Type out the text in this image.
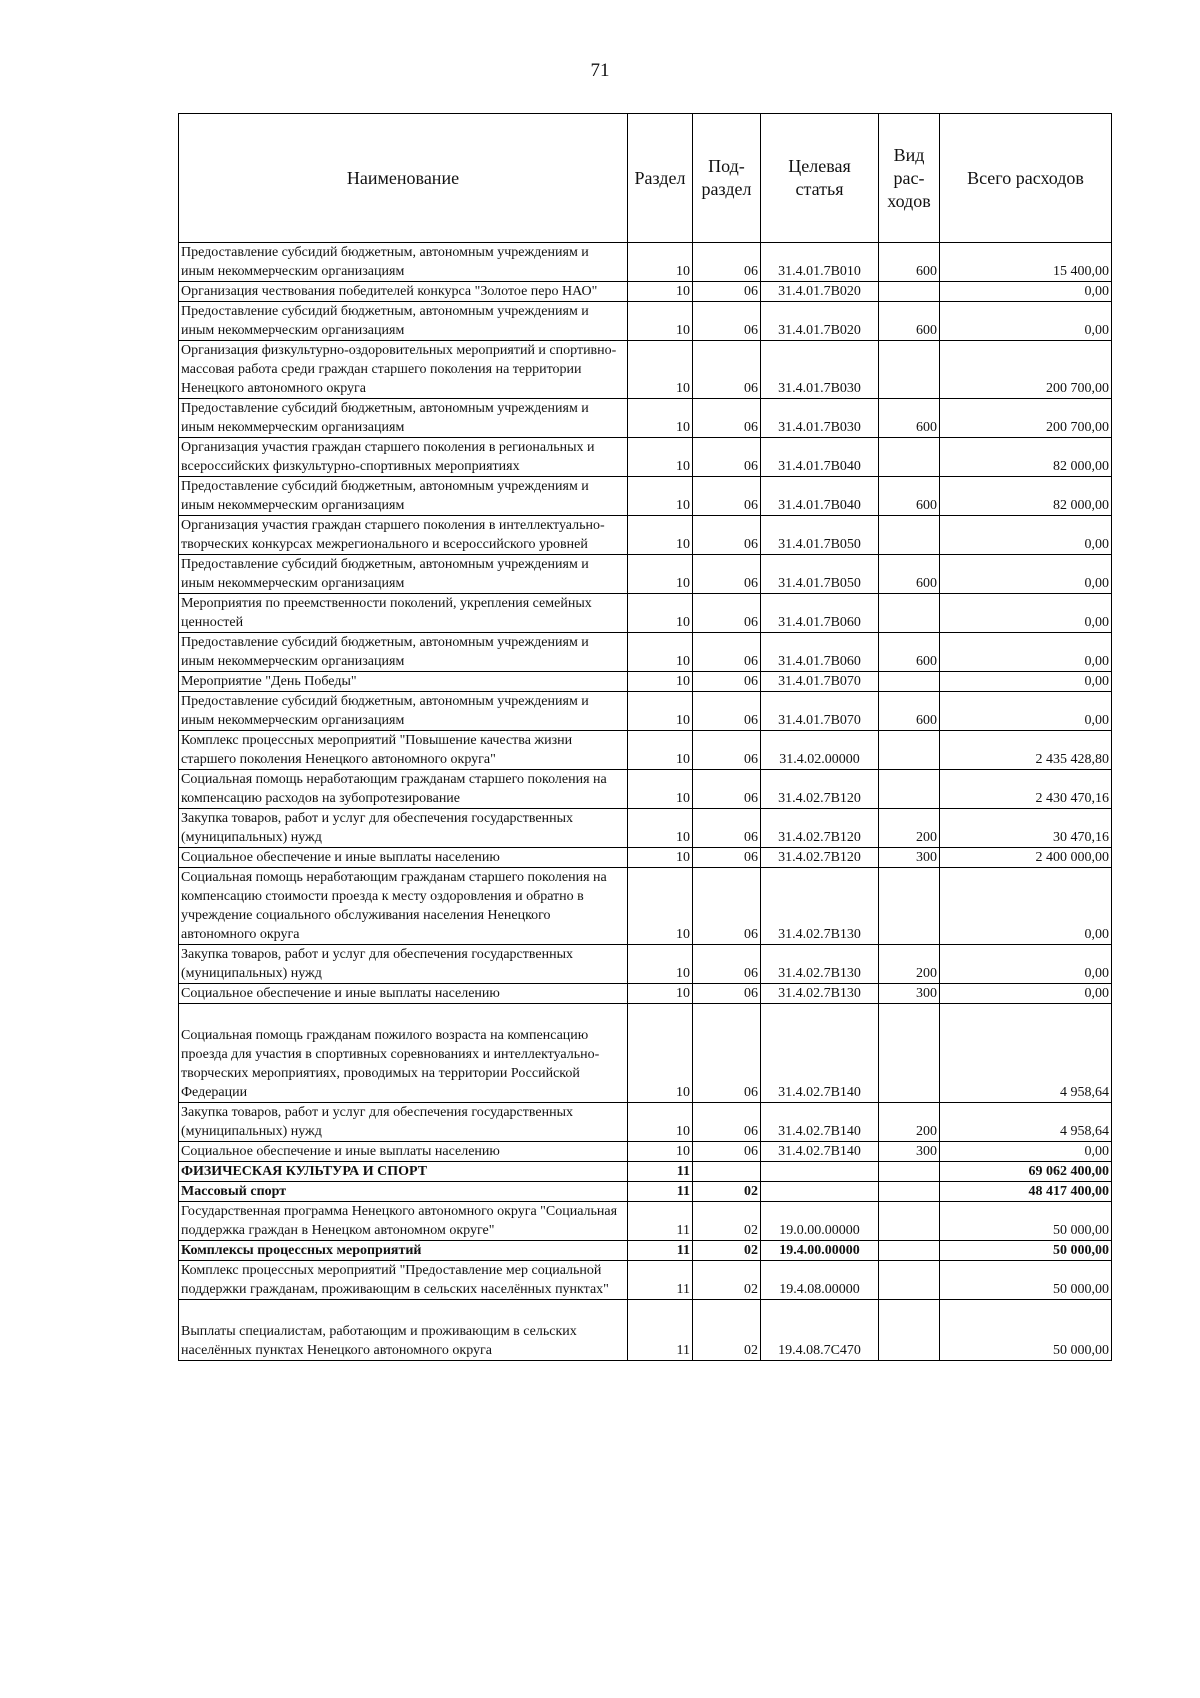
71
Наименование	Раздел	Под-раздел	Целевая статья	Вид рас-ходов	Всего расходов
Предоставление субсидий бюджетным, автономным учреждениям и иным некоммерческим организациям	10	06	31.4.01.7В010	600	15 400,00
Организация чествования победителей конкурса "Золотое перо НАО"	10	06	31.4.01.7В020		0,00
Предоставление субсидий бюджетным, автономным учреждениям и иным некоммерческим организациям	10	06	31.4.01.7В020	600	0,00
Организация физкультурно-оздоровительных мероприятий и спортивно-массовая работа среди граждан старшего поколения на территории Ненецкого автономного округа	10	06	31.4.01.7В030		200 700,00
Предоставление субсидий бюджетным, автономным учреждениям и иным некоммерческим организациям	10	06	31.4.01.7В030	600	200 700,00
Организация участия граждан старшего поколения в региональных и всероссийских физкультурно-спортивных мероприятиях	10	06	31.4.01.7В040		82 000,00
Предоставление субсидий бюджетным, автономным учреждениям и иным некоммерческим организациям	10	06	31.4.01.7В040	600	82 000,00
Организация участия граждан старшего поколения в интеллектуально-творческих конкурсах межрегионального и всероссийского уровней	10	06	31.4.01.7В050		0,00
Предоставление субсидий бюджетным, автономным учреждениям и иным некоммерческим организациям	10	06	31.4.01.7В050	600	0,00
Мероприятия по преемственности поколений, укрепления семейных ценностей	10	06	31.4.01.7В060		0,00
Предоставление субсидий бюджетным, автономным учреждениям и иным некоммерческим организациям	10	06	31.4.01.7В060	600	0,00
Мероприятие "День Победы"	10	06	31.4.01.7В070		0,00
Предоставление субсидий бюджетным, автономным учреждениям и иным некоммерческим организациям	10	06	31.4.01.7В070	600	0,00
Комплекс процессных мероприятий "Повышение качества жизни старшего поколения Ненецкого автономного округа"	10	06	31.4.02.00000		2 435 428,80
Социальная помощь неработающим гражданам старшего поколения на компенсацию расходов на зубопротезирование	10	06	31.4.02.7В120		2 430 470,16
Закупка товаров, работ и услуг для обеспечения государственных (муниципальных) нужд	10	06	31.4.02.7В120	200	30 470,16
Социальное обеспечение и иные выплаты населению	10	06	31.4.02.7В120	300	2 400 000,00
Социальная помощь неработающим гражданам старшего поколения на компенсацию стоимости проезда к месту оздоровления и обратно в учреждение социального обслуживания населения Ненецкого автономного округа	10	06	31.4.02.7В130		0,00
Закупка товаров, работ и услуг для обеспечения государственных (муниципальных) нужд	10	06	31.4.02.7В130	200	0,00
Социальное обеспечение и иные выплаты населению	10	06	31.4.02.7В130	300	0,00
Социальная помощь гражданам пожилого возраста на компенсацию проезда для участия в спортивных соревнованиях и интеллектуально-творческих мероприятиях, проводимых на территории Российской Федерации	10	06	31.4.02.7В140		4 958,64
Закупка товаров, работ и услуг для обеспечения государственных (муниципальных) нужд	10	06	31.4.02.7В140	200	4 958,64
Социальное обеспечение и иные выплаты населению	10	06	31.4.02.7В140	300	0,00
ФИЗИЧЕСКАЯ КУЛЬТУРА И СПОРТ	11				69 062 400,00
Массовый спорт	11	02			48 417 400,00
Государственная программа Ненецкого автономного округа "Социальная поддержка граждан в Ненецком автономном округе"	11	02	19.0.00.00000		50 000,00
Комплексы процессных мероприятий	11	02	19.4.00.00000		50 000,00
Комплекс процессных мероприятий "Предоставление мер социальной поддержки гражданам, проживающим в сельских населённых пунктах"	11	02	19.4.08.00000		50 000,00
Выплаты специалистам, работающим и проживающим в сельских населённых пунктах Ненецкого автономного округа	11	02	19.4.08.7С470		50 000,00
